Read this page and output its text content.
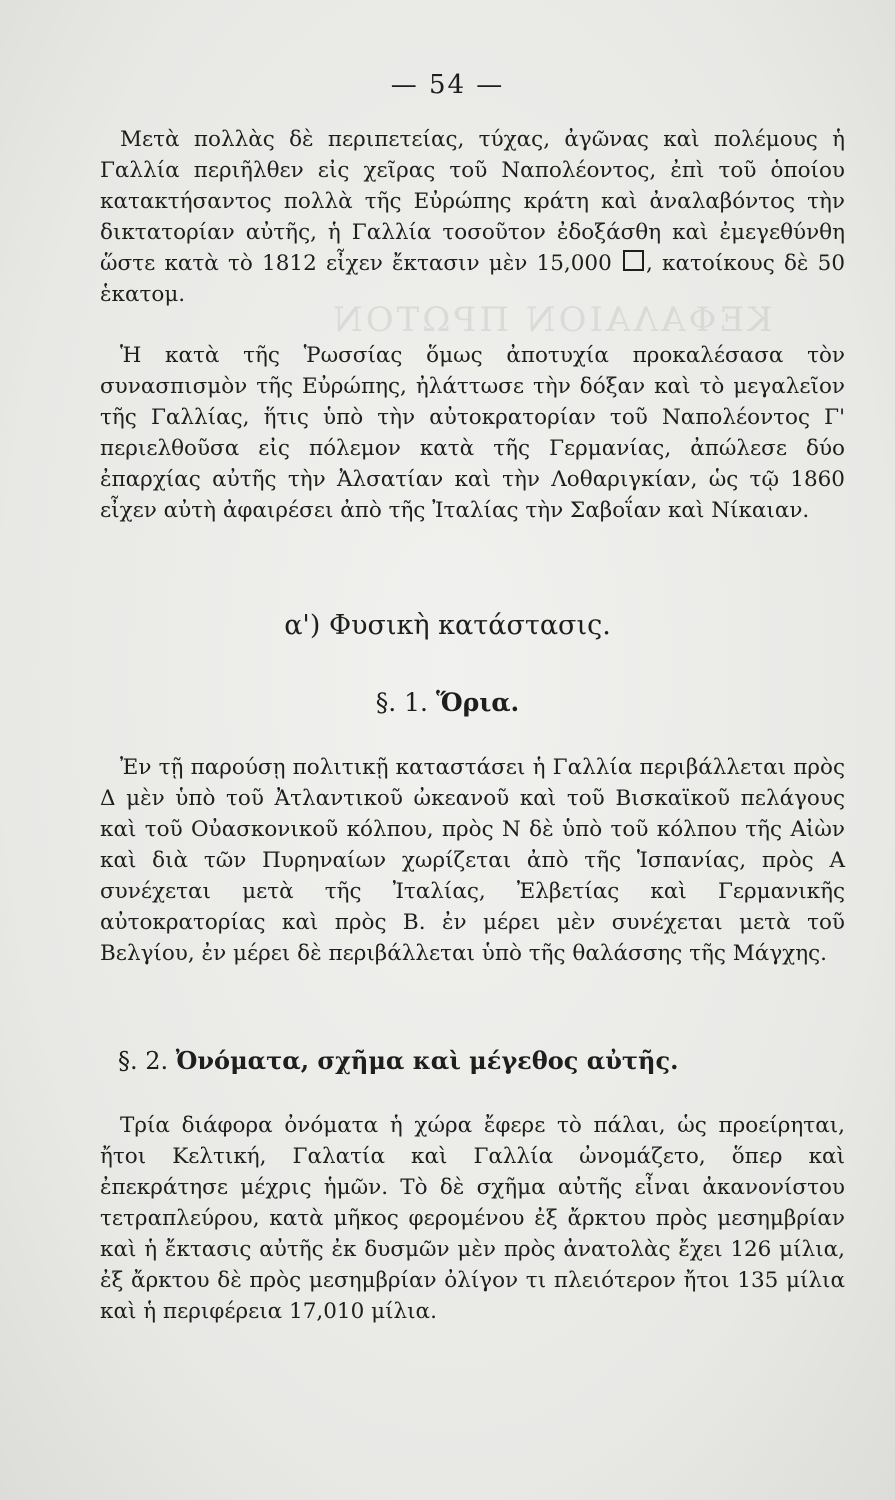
ΚΕΦΑΛΑΙΟΝ ΠΡΩΤΟΝ
— 54 —

Μετὰ πολλὰς δὲ περιπετείας, τύχας, ἀγῶνας καὶ πολέμους ἡ Γαλλία περιῆλθεν εἰς χεῖρας τοῦ Ναπολέοντος, ἐπὶ τοῦ ὁποίου κατακτήσαντος πολλὰ τῆς Εὐρώπης κράτη καὶ ἀναλαβόντος τὴν δικτατορίαν αὐτῆς, ἡ Γαλλία τοσοῦτον ἐδοξάσθη καὶ ἐμεγεθύνθη ὥστε κατὰ τὸ 1812 εἶχεν ἔκτασιν μὲν 15,000 , κατοίκους δὲ 50 ἑκατομ.

Ἡ κατὰ τῆς Ῥωσσίας ὅμως ἀποτυχία προκαλέσασα τὸν συνασπισμὸν τῆς Εὐρώπης, ἠλάττωσε τὴν δόξαν καὶ τὸ μεγαλεῖον τῆς Γαλλίας, ἥτις ὑπὸ τὴν αὐτοκρατορίαν τοῦ Ναπολέοντος Γ' περιελθοῦσα εἰς πόλεμον κατὰ τῆς Γερμανίας, ἀπώλεσε δύο ἐπαρχίας αὐτῆς τὴν Ἀλσατίαν καὶ τὴν Λοθαριγκίαν, ὡς τῷ 1860 εἶχεν αὐτὴ ἀφαιρέσει ἀπὸ τῆς Ἰταλίας τὴν Σαβοΐαν καὶ Νίκαιαν.

α') Φυσικὴ κατάστασις.
§. 1. Ὅρια.

Ἐν τῇ παρούσῃ πολιτικῇ καταστάσει ἡ Γαλλία περιβάλλεται πρὸς Δ μὲν ὑπὸ τοῦ Ἀτλαντικοῦ ὠκεανοῦ καὶ τοῦ Βισκαϊκοῦ πελάγους καὶ τοῦ Οὐασκονικοῦ κόλπου, πρὸς Ν δὲ ὑπὸ τοῦ κόλπου τῆς Αἰὼν καὶ διὰ τῶν Πυρηναίων χωρίζεται ἀπὸ τῆς Ἱσπανίας, πρὸς Α συνέχεται μετὰ τῆς Ἰταλίας, Ἐλβετίας καὶ Γερμανικῆς αὐτοκρατορίας καὶ πρὸς Β. ἐν μέρει μὲν συνέχεται μετὰ τοῦ Βελγίου, ἐν μέρει δὲ περιβάλλεται ὑπὸ τῆς θαλάσσης τῆς Μάγχης.

§. 2. Ὀνόματα, σχῆμα καὶ μέγεθος αὐτῆς.

Τρία διάφορα ὀνόματα ἡ χώρα ἔφερε τὸ πάλαι, ὡς προείρηται, ἤτοι Κελτική, Γαλατία καὶ Γαλλία ὠνομάζετο, ὅπερ καὶ ἐπεκράτησε μέχρις ἡμῶν. Τὸ δὲ σχῆμα αὐτῆς εἶναι ἀκανονίστου τετραπλεύρου, κατὰ μῆκος φερομένου ἐξ ἄρκτου πρὸς μεσημβρίαν καὶ ἡ ἔκτασις αὐτῆς ἐκ δυσμῶν μὲν πρὸς ἀνατολὰς ἔχει 126 μίλια, ἐξ ἄρκτου δὲ πρὸς μεσημβρίαν ὀλίγον τι πλειότερον ἤτοι 135 μίλια καὶ ἡ περιφέρεια 17,010 μίλια.
